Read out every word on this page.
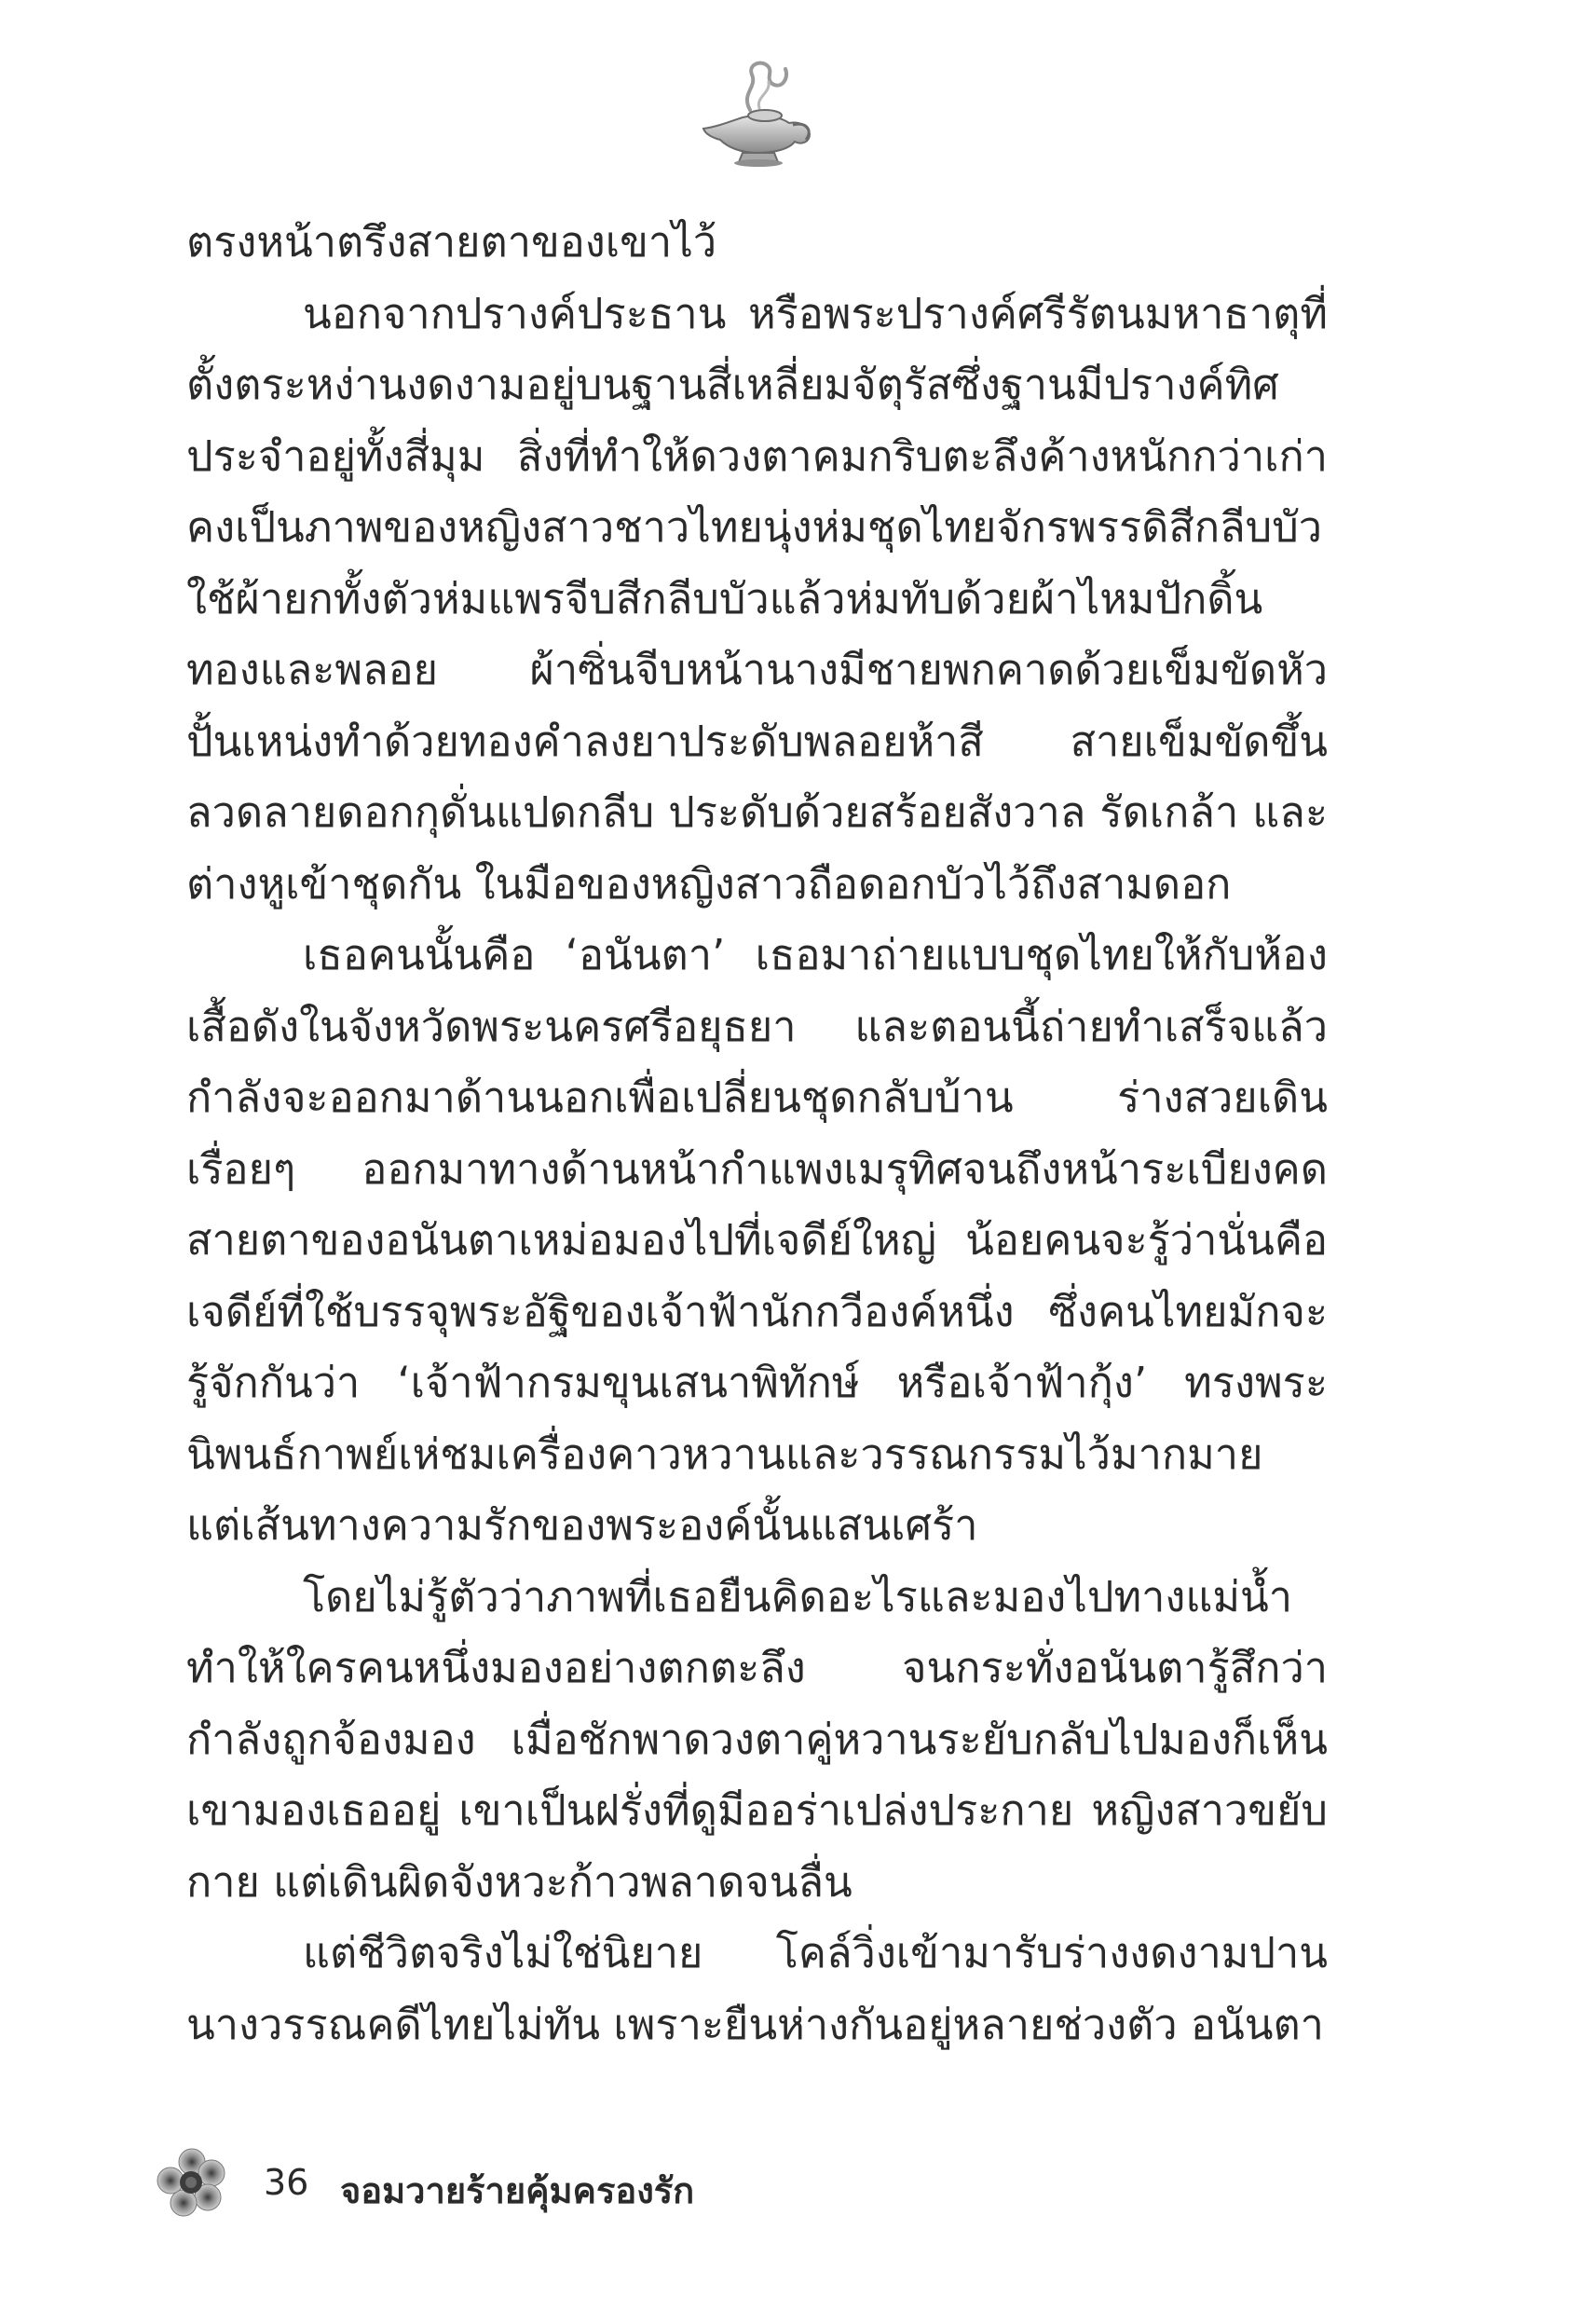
ตรงหน้าตรึงสายตาของเขาไว้

นอกจากปรางค์ประธาน หรือพระปรางค์ศรีรัตนมหาธาตุที่ตั้งตระหง่านงดงามอยู่บนฐานสี่เหลี่ยมจัตุรัสซึ่งฐานมีปรางค์ทิศประจำอยู่ทั้งสี่มุม สิ่งที่ทำให้ดวงตาคมกริบตะลึงค้างหนักกว่าเก่า คงเป็นภาพของหญิงสาวชาวไทยนุ่งห่มชุดไทยจักรพรรดิสีกลีบบัว ใช้ผ้ายกทั้งตัวห่มแพรจีบสีกลีบบัวแล้วห่มทับด้วยผ้าไหมปักดิ้นทองและพลอย ผ้าซิ่นจีบหน้านางมีชายพกคาดด้วยเข็มขัดหัวปั้นเหน่งทำด้วยทองคำลงยาประดับพลอยห้าสี สายเข็มขัดขึ้นลวดลายดอกกุดั่นแปดกลีบ ประดับด้วยสร้อยสังวาล รัดเกล้า และต่างหูเข้าชุดกัน ในมือของหญิงสาวถือดอกบัวไว้ถึงสามดอก

เธอคนนั้นคือ ‘อนันตา’ เธอมาถ่ายแบบชุดไทยให้กับห้องเสื้อดังในจังหวัดพระนครศรีอยุธยา และตอนนี้ถ่ายทำเสร็จแล้ว กำลังจะออกมาด้านนอกเพื่อเปลี่ยนชุดกลับบ้าน ร่างสวยเดินเรื่อยๆ ออกมาทางด้านหน้ากำแพงเมรุทิศจนถึงหน้าระเบียงคด สายตาของอนันตาเหม่อมองไปที่เจดีย์ใหญ่ น้อยคนจะรู้ว่านั่นคือเจดีย์ที่ใช้บรรจุพระอัฐิของเจ้าฟ้านักกวีองค์หนึ่ง ซึ่งคนไทยมักจะรู้จักกันว่า ‘เจ้าฟ้ากรมขุนเสนาพิทักษ์ หรือเจ้าฟ้ากุ้ง’ ทรงพระนิพนธ์กาพย์เห่ชมเครื่องคาวหวานและวรรณกรรมไว้มากมาย แต่เส้นทางความรักของพระองค์นั้นแสนเศร้า

โดยไม่รู้ตัวว่าภาพที่เธอยืนคิดอะไรและมองไปทางแม่น้ำทำให้ใครคนหนึ่งมองอย่างตกตะลึง จนกระทั่งอนันตารู้สึกว่ากำลังถูกจ้องมอง เมื่อชักพาดวงตาคู่หวานระยับกลับไปมองก็เห็นเขามองเธออยู่ เขาเป็นฝรั่งที่ดูมีออร่าเปล่งประกาย หญิงสาวขยับกาย แต่เดินผิดจังหวะก้าวพลาดจนลื่น

แต่ชีวิตจริงไม่ใช่นิยาย โคล์วิ่งเข้ามารับร่างงดงามปานนางวรรณคดีไทยไม่ทัน เพราะยืนห่างกันอยู่หลายช่วงตัว อนันตา

36 จอมวายร้ายคุ้มครองรัก
